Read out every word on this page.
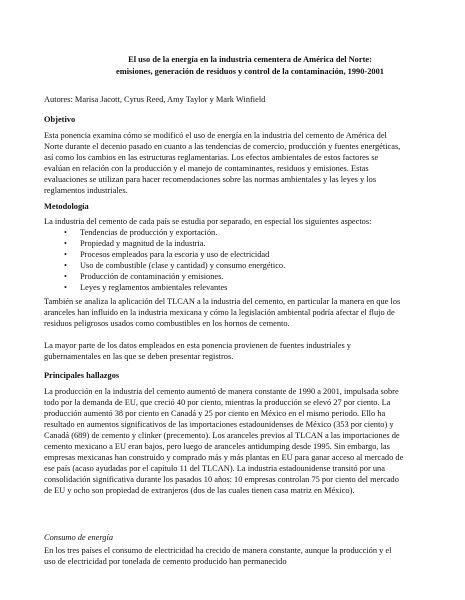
El uso de la energía en la industria cementera de América del Norte:
emisiones, generación de residuos y control de la contaminación, 1990-2001
Autores: Marisa Jacott, Cyrus Reed, Amy Taylor y Mark Winfield
Objetivo

Esta ponencia examina cómo se modificó el uso de energía en la industria del cemento de América del Norte durante el decenio pasado en cuanto a las tendencias de comercio, producción y fuentes energéticas, así como los cambios en las estructuras reglamentarias. Los efectos ambientales de estos factores se evalúan en relación con la producción y el manejo de contaminantes, residuos y emisiones. Estas evaluaciones se utilizan para hacer recomendaciones sobre las normas ambientales y las leyes y los reglamentos industriales.

Metodología

La industria del cemento de cada país se estudia por separado, en especial los siguientes aspectos:

• Tendencias de producción y exportación.
• Propiedad y magnitud de la industria.
• Procesos empleados para la escoria y uso de electricidad
• Uso de combustible (clase y cantidad) y consumo energético.
• Producción de contaminación y emisiones.
• Leyes y reglamentos ambientales relevantes

También se analiza la aplicación del TLCAN a la industria del cemento, en particular la manera en que los aranceles han influido en la industria mexicana y cómo la legislación ambiental podría afectar el flujo de residuos peligrosos usados como combustibles en los hornos de cemento.

La mayor parte de los datos empleados en esta ponencia provienen de fuentes industriales y gubernamentales en las que se deben presentar registros.

Principales hallazgos

La producción en la industria del cemento aumentó de manera constante de 1990 a 2001, impulsada sobre todo por la demanda de EU, que creció 40 por ciento, mientras la producción se elevó 27 por ciento. La producción aumentó 38 por ciento en Canadá y 25 por ciento en México en el mismo periodo. Ello ha resultado en aumentos significativos de las importaciones estadounidenses de México (353 por ciento) y Canadá (689) de cemento y clinker (precemento). Los aranceles previos al TLCAN a las importaciones de cemento mexicano a EU eran bajos, pero luego de aranceles antidumping desde 1995. Sin embargo, las empresas mexicanas han construido y comprado más y más plantas en EU para ganar acceso al mercado de ese país (acaso ayudadas por el capítulo 11 del TLCAN). La industria estadounidense transitó por una consolidación significativa durante los pasados 10 años: 10 empresas controlan 75 por ciento del mercado de EU y ocho son propiedad de extranjeros (dos de las cuales tienen casa matriz en México).

Consumo de energía

En los tres países el consumo de electricidad ha crecido de manera constante, aunque la producción y el uso de electricidad por tonelada de cemento producido han permanecido
